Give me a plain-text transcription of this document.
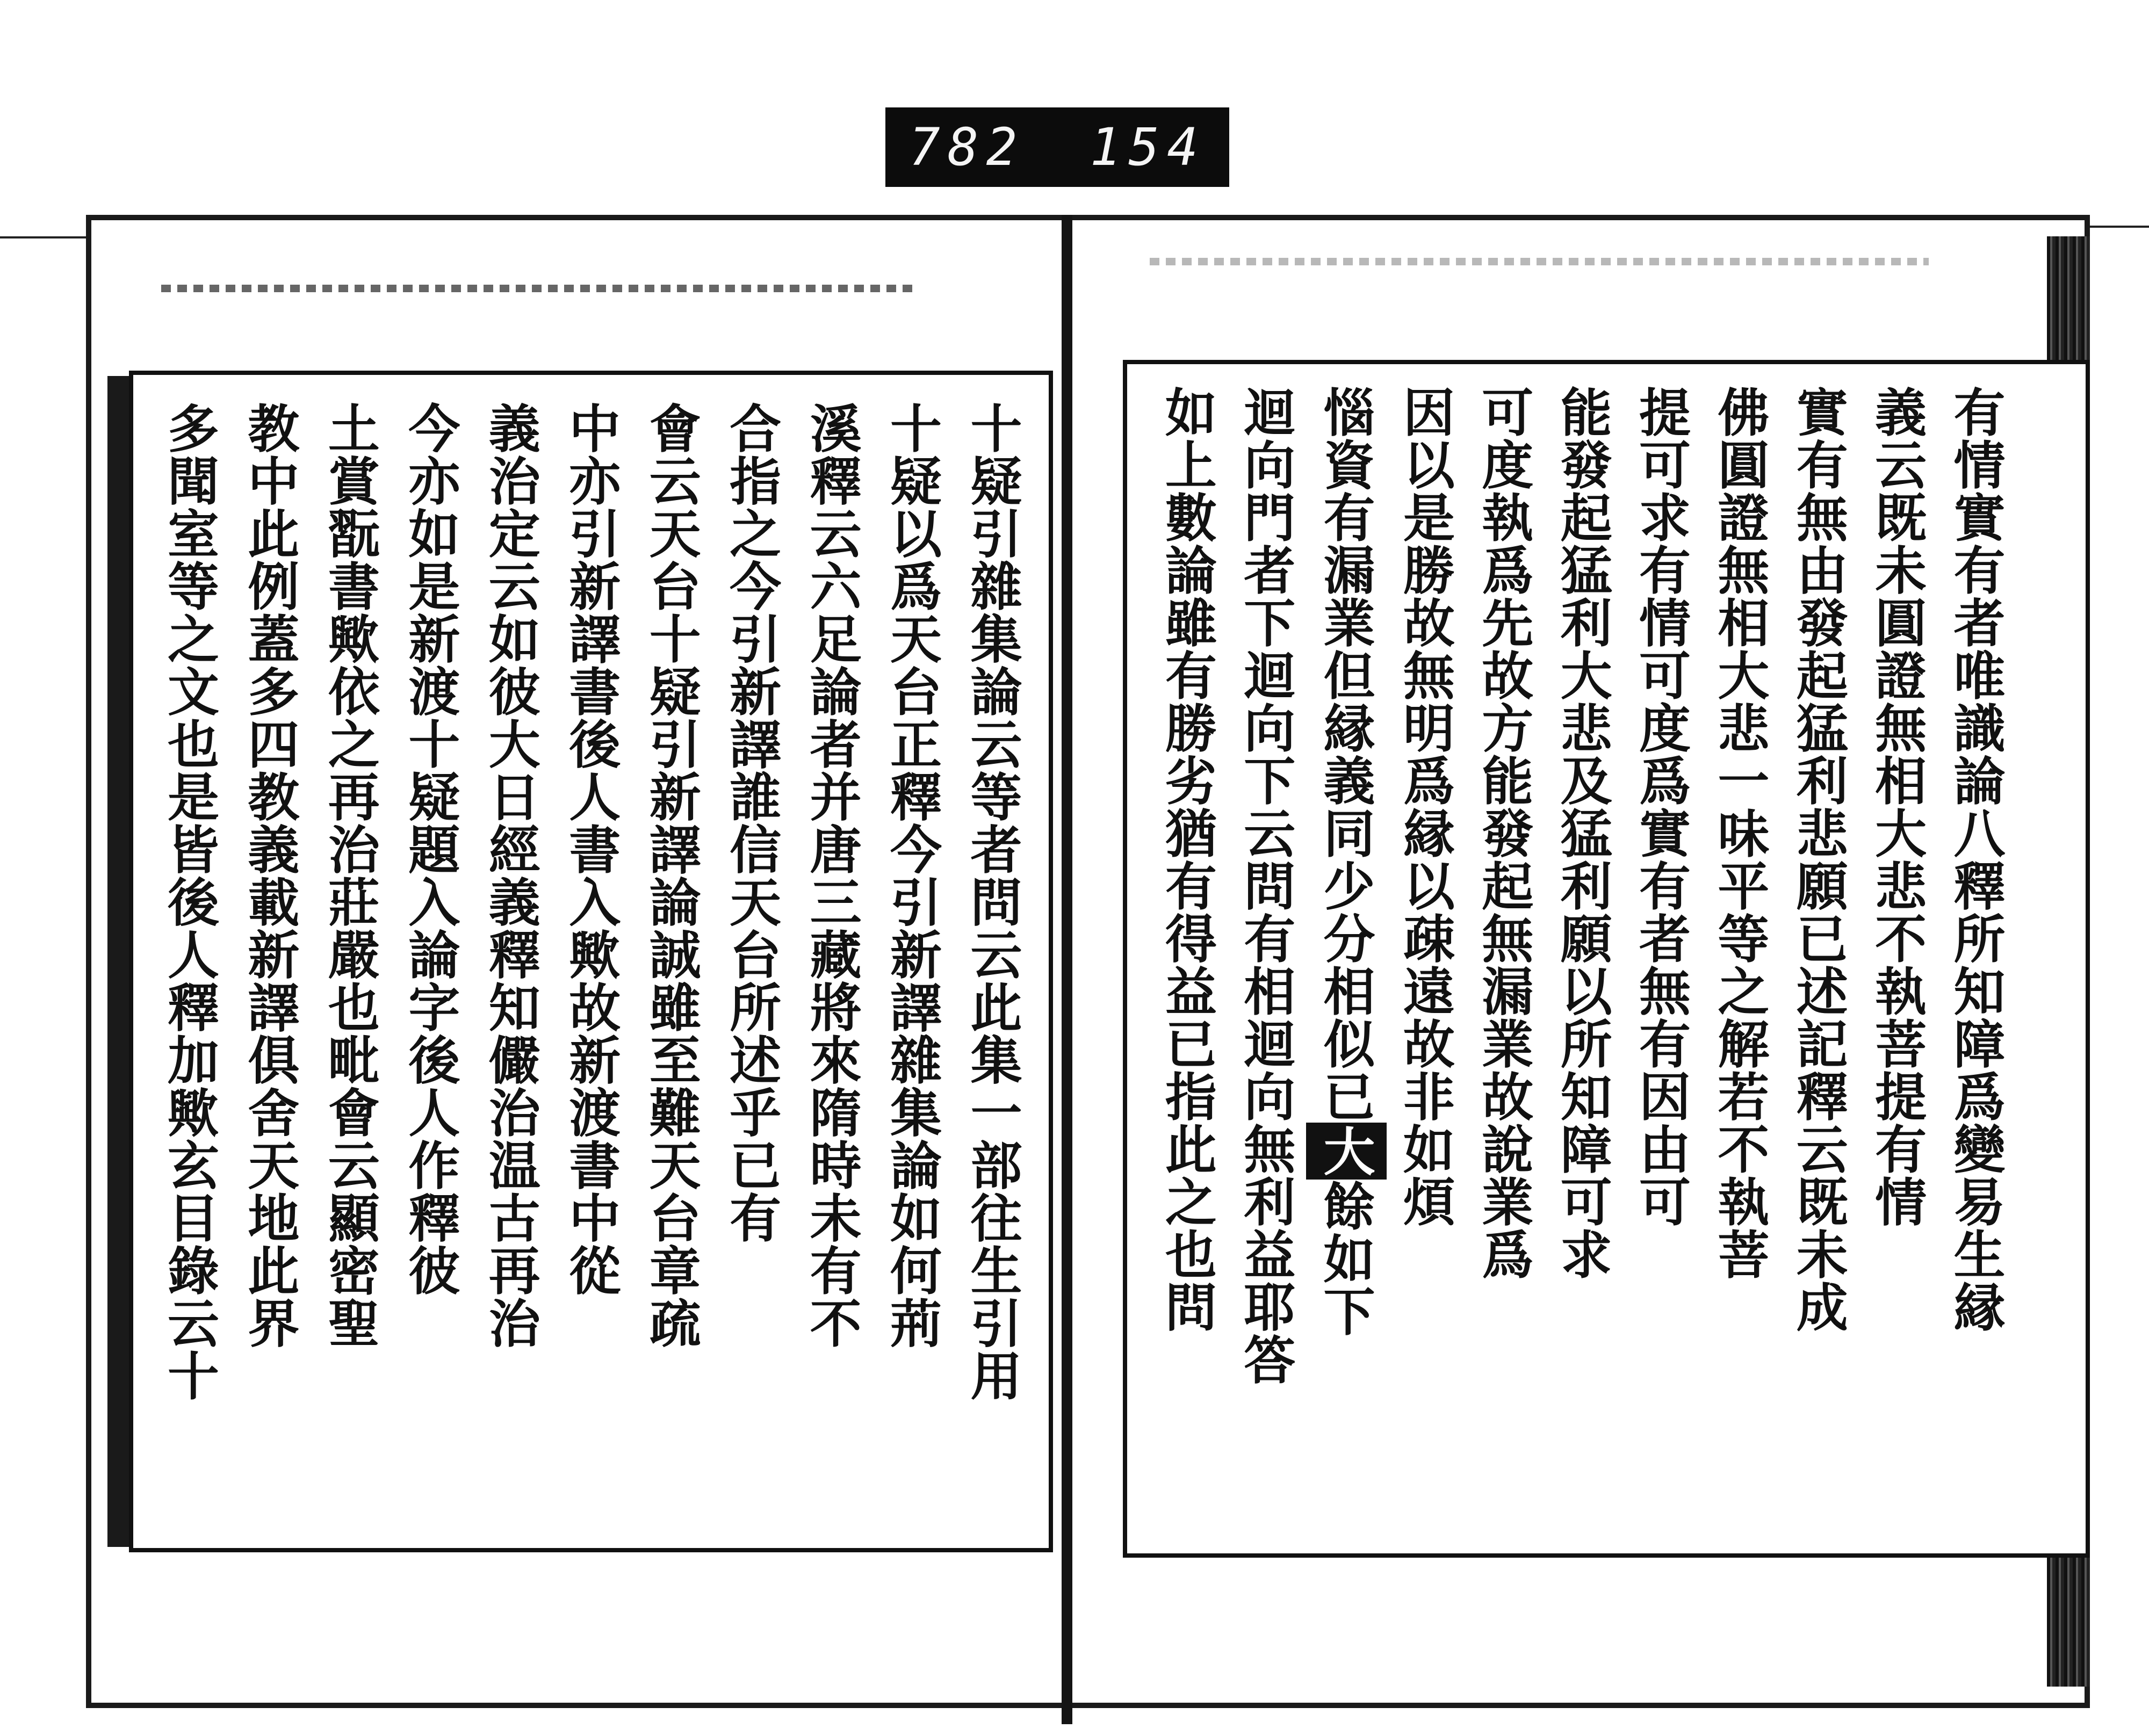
782 154
十疑引雜集論云等者問云此集一部往生引用
十疑以爲天台正釋今引新譯雜集論如何荊
溪釋云六足論者并唐三藏將來隋時未有不
合指之今引新譯誰信天台所述乎已有
會云天台十疑引新譯論誠雖至難天台章疏
中亦引新譯書後人書入歟故新渡書中從
義治定云如彼大日經義釋知儼治温古再治
今亦如是新渡十疑題入論字後人作釋彼
土賞翫書歟依之再治莊嚴也毗會云顯密聖
教中此例蓋多四教義載新譯俱舍天地此界
多聞室等之文也是皆後人釋加歟玄目錄云十	有情實有者唯識論八釋所知障爲變易生縁
義云既未圓證無相大悲不執菩提有情
實有無由發起猛利悲願已述記釋云既未成
佛圓證無相大悲一味平等之解若不執菩
提可求有情可度爲實有者無有因由可
能發起猛利大悲及猛利願以所知障可求
可度執爲先故方能發起無漏業故說業爲
因以是勝故無明爲縁以疎遠故非如煩
惱資有漏業但縁義同少分相似已大餘如下
迴向門者下迴向下云問有相迴向無利益耶答
如上數論雖有勝劣猶有得益已指此之也問
